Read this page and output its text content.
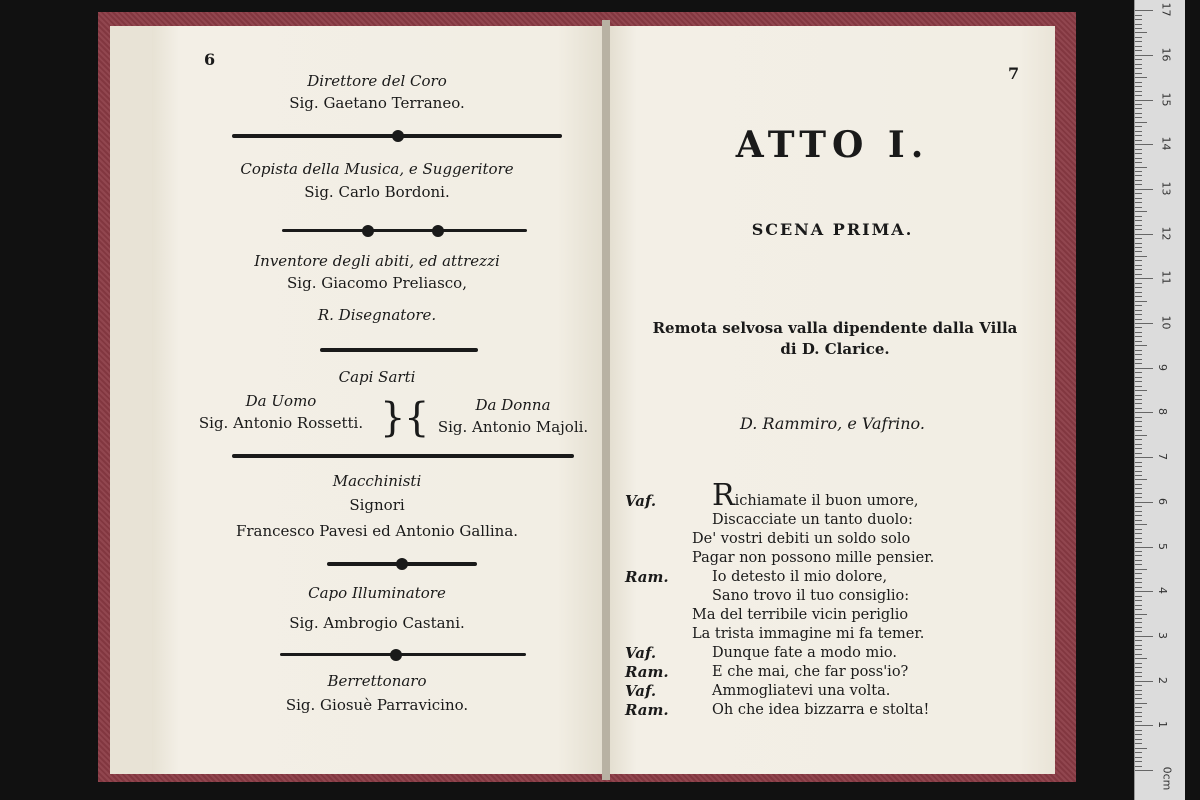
6
Direttore del Coro
Sig. Gaetano Terraneo.
Copista della Musica, e Suggeritore
Sig. Carlo Bordoni.
Inventore degli abiti, ed attrezzi
Sig. Giacomo Preliasco,
R. Disegnatore.
Capi Sarti
Da Uomo
Sig. Antonio Rossetti. }
{	Da Donna
Sig. Antonio Majoli.
Macchinisti
Signori
Francesco Pavesi ed Antonio Gallina.
Capo Illuminatore
Sig. Ambrogio Castani.
Berrettonaro
Sig. Giosuè Parravicino.
7
ATTO I.
SCENA PRIMA.
Remota selvosa valla dipendente dalla Villa
di D. Clarice.
D. Rammiro, e Vafrino.
Vaf.
Ram.
Vaf.
Ram.
Vaf.
Ram.
Richiamate il buon umore,
Discacciate un tanto duolo:
De' vostri debiti un soldo solo
Pagar non possono mille pensier.
Io detesto il mio dolore,
Sano trovo il tuo consiglio:
Ma del terribile vicin periglio
La trista immagine mi fa temer.
Dunque fate a modo mio.
E che mai, che far poss'io?
Ammogliatevi una volta.
Oh che idea bizzarra e stolta!
0cm
1
2
3
4
5
6
7
8
9
10
11
12
13
14
15
16
17
